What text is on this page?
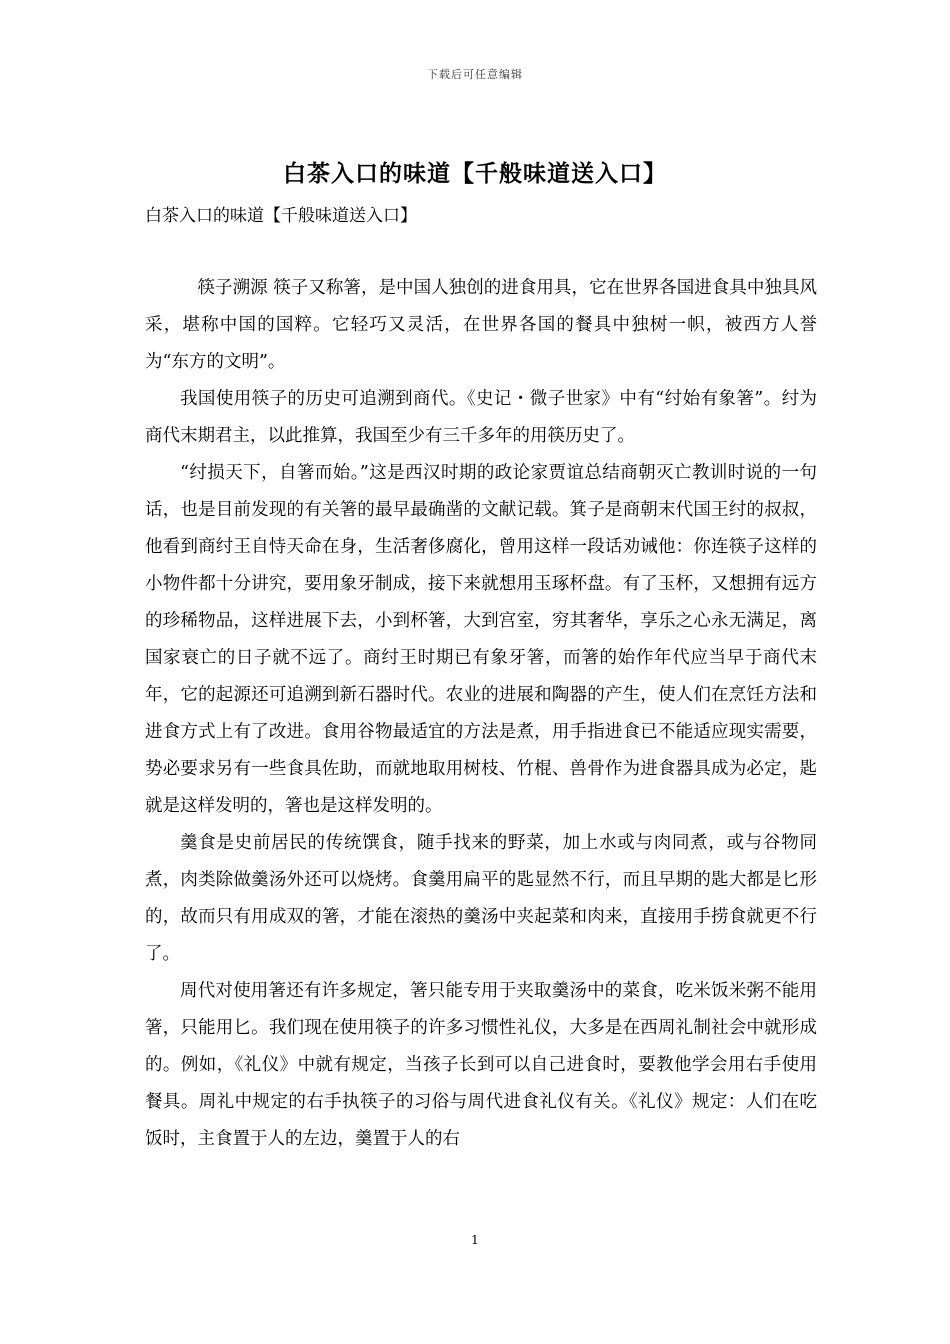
下载后可任意编辑
白茶入口的味道【千般味道送入口】

白茶入口的味道【千般味道送入口】

筷子溯源 筷子又称箸，是中国人独创的进食用具，它在世界各国进食具中独具风采，堪称中国的国粹。它轻巧又灵活，在世界各国的餐具中独树一帜，被西方人誉为“东方的文明”。

我国使用筷子的历史可追溯到商代。《史记・微子世家》中有“纣始有象箸”。纣为商代末期君主，以此推算，我国至少有三千多年的用筷历史了。

“纣损天下，自箸而始。”这是西汉时期的政论家贾谊总结商朝灭亡教训时说的一句话，也是目前发现的有关箸的最早最确凿的文献记载。箕子是商朝末代国王纣的叔叔，他看到商纣王自恃天命在身，生活奢侈腐化，曾用这样一段话劝诫他：你连筷子这样的小物件都十分讲究，要用象牙制成，接下来就想用玉琢杯盘。有了玉杯，又想拥有远方的珍稀物品，这样进展下去，小到杯箸，大到宫室，穷其奢华，享乐之心永无满足，离国家衰亡的日子就不远了。商纣王时期已有象牙箸，而箸的始作年代应当早于商代末年，它的起源还可追溯到新石器时代。农业的进展和陶器的产生，使人们在烹饪方法和进食方式上有了改进。食用谷物最适宜的方法是煮，用手指进食已不能适应现实需要，势必要求另有一些食具佐助，而就地取用树枝、竹棍、兽骨作为进食器具成为必定，匙就是这样发明的，箸也是这样发明的。

羹食是史前居民的传统馔食，随手找来的野菜，加上水或与肉同煮，或与谷物同煮，肉类除做羹汤外还可以烧烤。食羹用扁平的匙显然不行，而且早期的匙大都是匕形的，故而只有用成双的箸，才能在滚热的羹汤中夹起菜和肉来，直接用手捞食就更不行了。

周代对使用箸还有许多规定，箸只能专用于夹取羹汤中的菜食，吃米饭米粥不能用箸，只能用匕。我们现在使用筷子的许多习惯性礼仪，大多是在西周礼制社会中就形成的。例如，《礼仪》中就有规定，当孩子长到可以自己进食时，要教他学会用右手使用餐具。周礼中规定的右手执筷子的习俗与周代进食礼仪有关。《礼仪》规定：人们在吃饭时，主食置于人的左边，羹置于人的右

1
